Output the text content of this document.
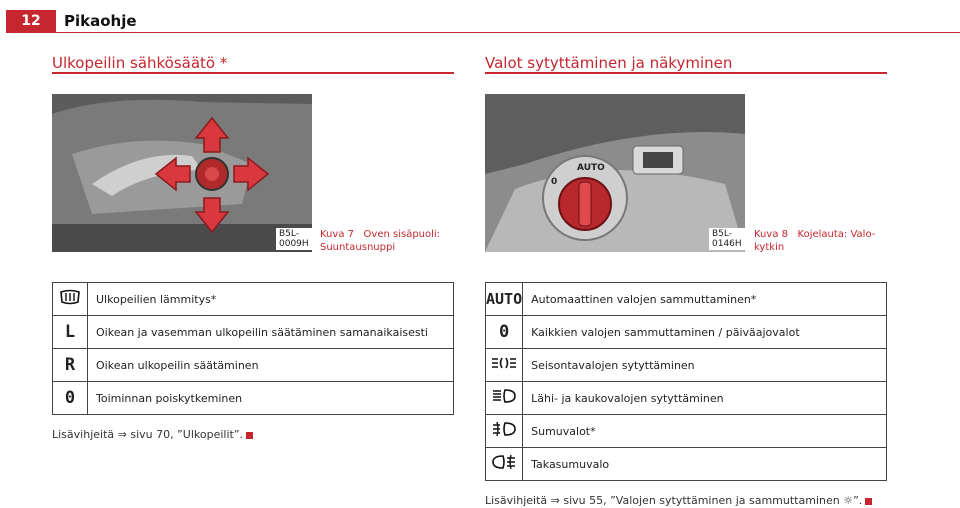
12	Pikaohje
Ulkopeilin sähkösäätö *
B5L-0009H
Kuva 7 Oven sisäpuoli:
Suuntausnuppi
	Ulkopeilien lämmitys*
L	Oikean ja vasemman ulkopeilin säätäminen samanaikaisesti
R	Oikean ulkopeilin säätäminen
0	Toiminnan poiskytkeminen
Lisävihjeitä ⇒ sivu 70, ”Ulkopeilit”.
Valot sytyttäminen ja näkyminen
AUTO
0
B5L-0146H
Kuva 8 Kojelauta: Valo-
kytkin
AUTO	Automaattinen valojen sammuttaminen*
0	Kaikkien valojen sammuttaminen / päiväajovalot
	Seisontavalojen sytyttäminen
	Lähi- ja kaukovalojen sytyttäminen
	Sumuvalot*
	Takasumuvalo
Lisävihjeitä ⇒ sivu 55, ”Valojen sytyttäminen ja sammuttaminen ☼”.
